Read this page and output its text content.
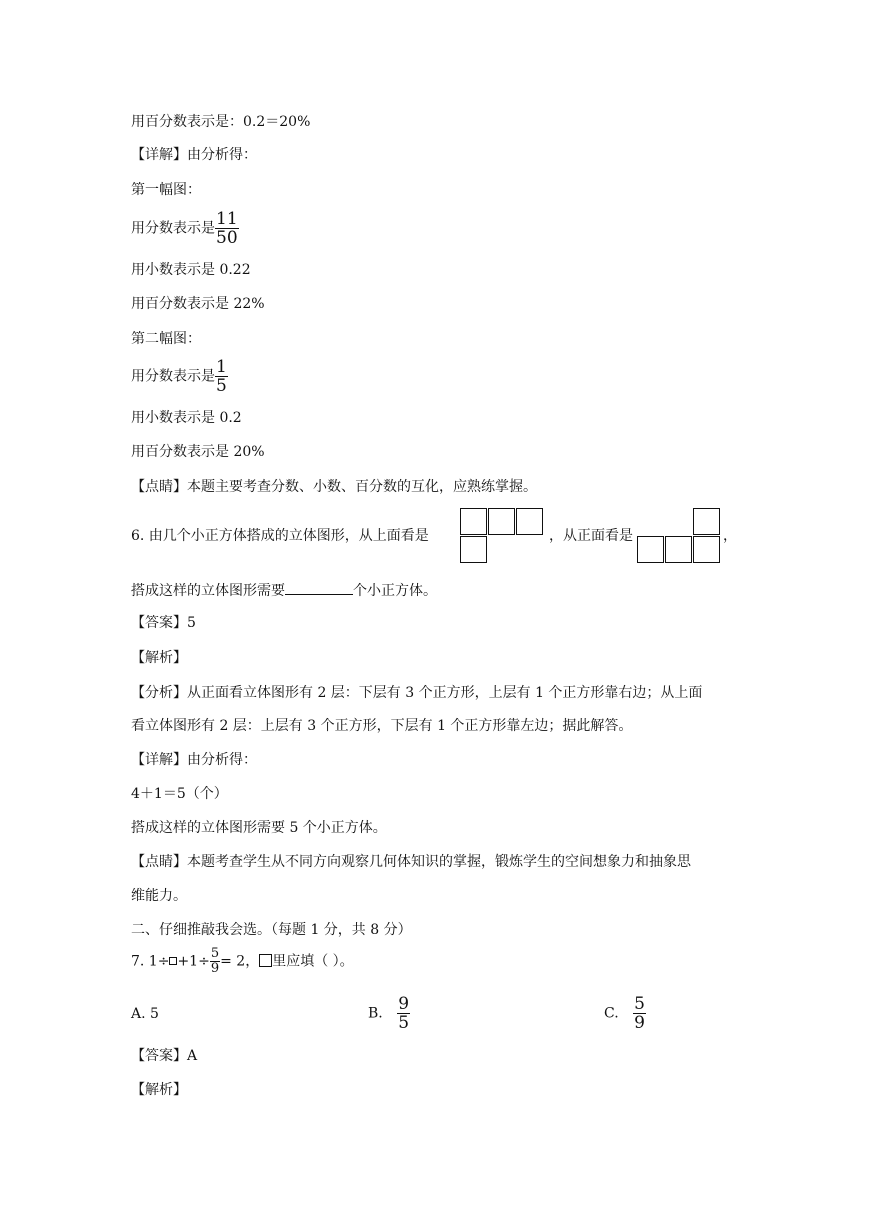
用百分数表示是：0.2＝20%
【详解】由分析得：
第一幅图：
用分数表示是 $\frac{11}{50}$
用小数表示是 0.22
用百分数表示是 22%
第二幅图：
用分数表示是 $\frac{1}{5}$
用小数表示是 0.2
用百分数表示是 20%
【点睛】本题主要考查分数、小数、百分数的互化，应熟练掌握。
6. 由几个小正方体搭成的立体图形，从上面看是	，从正面看是	，
搭成这样的立体图形需要	个小正方体。
【答案】5
【解析】
【分析】从正面看立体图形有 2 层：下层有 3 个正方形，上层有 1 个正方形靠右边；从上面
看立体图形有 2 层：上层有 3 个正方形，下层有 1 个正方形靠左边；据此解答。
【详解】由分析得：
4＋1＝5（个）
搭成这样的立体图形需要 5 个小正方体。
【点睛】本题考查学生从不同方向观察几何体知识的掌握，锻炼学生的空间想象力和抽象思
维能力。
二、仔细推敲我会选。（每题 1 分，共 8 分）
7. $1\div +1\div \frac{5}{9} = 2$， 里应填（ ）。
A. 5	B. $\frac{9}{5}$	C. $\frac{5}{9}$
【答案】A
【解析】
